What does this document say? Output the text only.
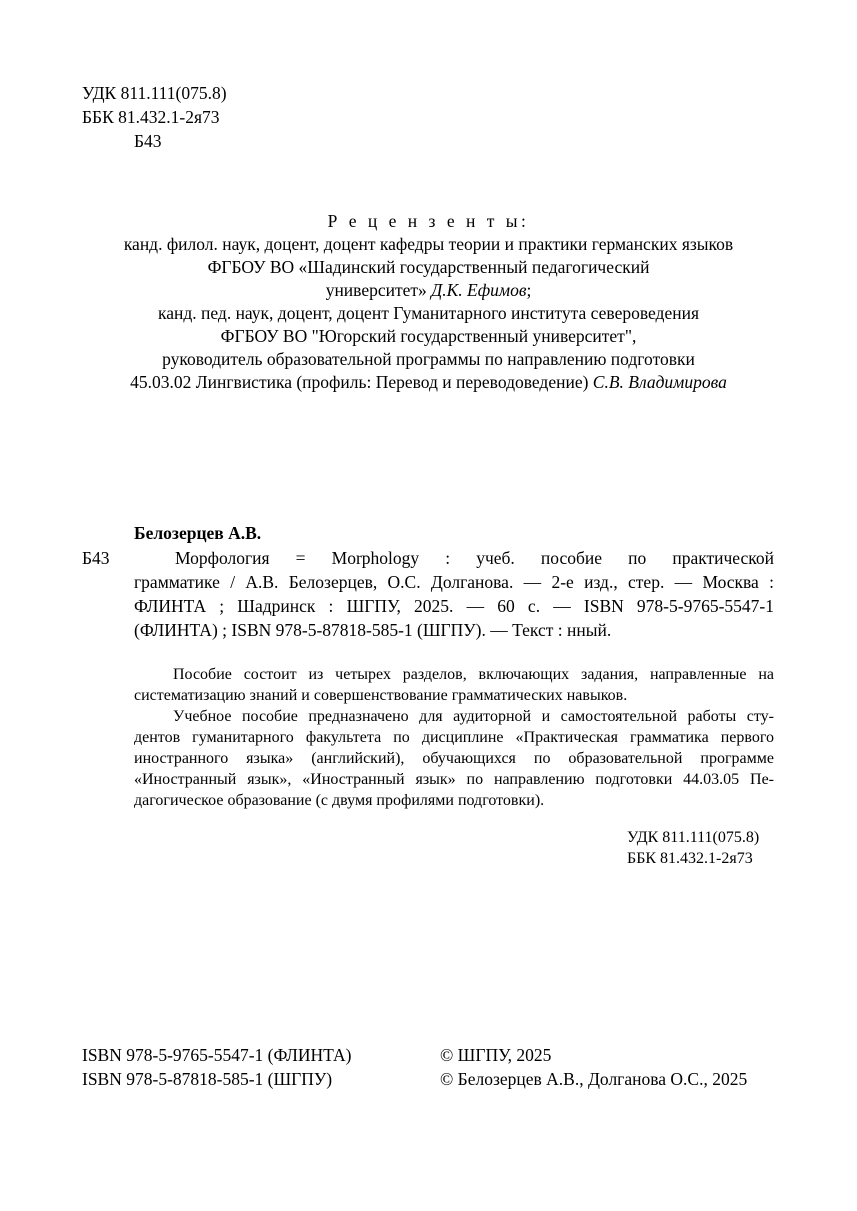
УДК 811.111(075.8)

ББК 81.432.1-2я73

Б43

Р е ц е н з е н т ы:
канд. филол. наук, доцент, доцент кафедры теории и практики германских языков
ФГБОУ ВО «Шадинский государственный педагогический
университет» Д.К. Ефимов;
канд. пед. наук, доцент, доцент Гуманитарного института североведения
ФГБОУ ВО "Югорский государственный университет",
руководитель образовательной программы по направлению подготовки
45.03.02 Лингвистика (профиль: Перевод и переводоведение) С.В. Владимирова

Белозерцев А.В.

Б43	Морфология = Morphology : учеб. пособие по практической
грамматике / А.В. Белозерцев, О.С. Долганова. — 2-е изд., стер. — Москва :
ФЛИНТА ; Шадринск : ШГПУ, 2025. — 60 с. — ISBN 978-5-9765-5547-1

(ФЛИНТА) ; ISBN 978-5-87818-585-1 (ШГПУ). — Текст : нный.

Пособие состоит из четырех разделов, включающих задания, направленные на

систематизацию знаний и совершенствование грамматических навыков.

Учебное пособие предназначено для аудиторной и самостоятельной работы сту-
дентов гуманитарного факультета по дисциплине «Практическая грамматика первого
иностранного языка» (английский), обучающихся по образовательной программе
«Иностранный язык», «Иностранный язык» по направлению подготовки 44.03.05 Пе-

дагогическое образование (с двумя профилями подготовки).

УДК 811.111(075.8)

ББК 81.432.1-2я73

ISBN 978-5-9765-5547-1 (ФЛИНТА)

ISBN 978-5-87818-585-1 (ШГПУ)

© ШГПУ, 2025

© Белозерцев А.В., Долганова О.С., 2025
